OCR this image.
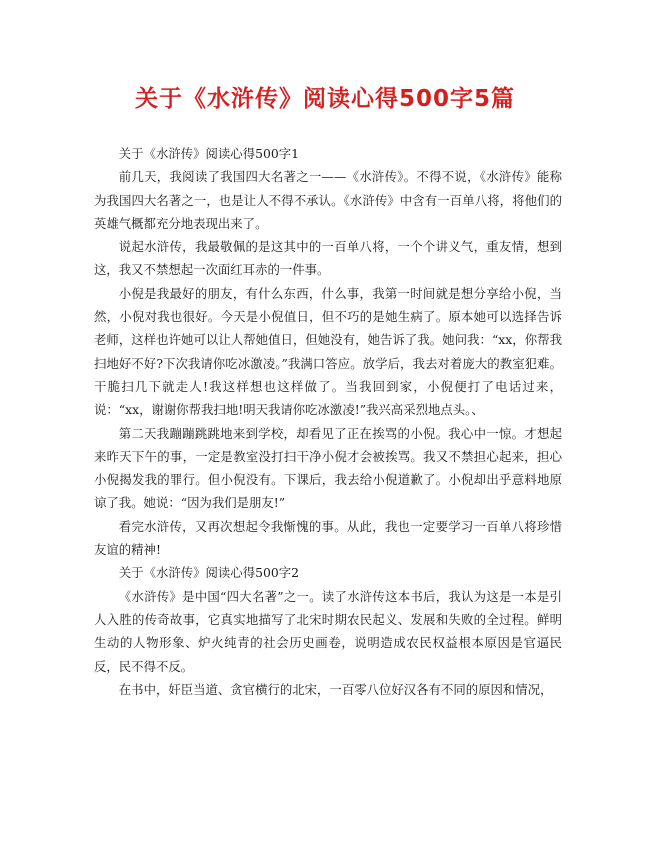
关于《水浒传》阅读心得500字5篇

关于《水浒传》阅读心得500字1

前几天，我阅读了我国四大名著之一——《水浒传》。不得不说，《水浒传》能称为我国四大名著之一，也是让人不得不承认。《水浒传》中含有一百单八将，将他们的英雄气概都充分地表现出来了。

说起水浒传，我最敬佩的是这其中的一百单八将，一个个讲义气，重友情，想到这，我又不禁想起一次面红耳赤的一件事。

小倪是我最好的朋友，有什么东西，什么事，我第一时间就是想分享给小倪，当然，小倪对我也很好。今天是小倪值日，但不巧的是她生病了。原本她可以选择告诉老师，这样也许她可以让人帮她值日，但她没有，她告诉了我。她问我：“xx，你帮我扫地好不好?下次我请你吃冰激凌。”我满口答应。放学后，我去对着庞大的教室犯难。干脆扫几下就走人!我这样想也这样做了。当我回到家，小倪便打了电话过来，说：“xx，谢谢你帮我扫地!明天我请你吃冰激凌!”我兴高采烈地点头。、

第二天我蹦蹦跳跳地来到学校，却看见了正在挨骂的小倪。我心中一惊。才想起来昨天下午的事，一定是教室没打扫干净小倪才会被挨骂。我又不禁担心起来，担心小倪揭发我的罪行。但小倪没有。下课后，我去给小倪道歉了。小倪却出乎意料地原谅了我。她说：“因为我们是朋友!”

看完水浒传，又再次想起令我惭愧的事。从此，我也一定要学习一百单八将珍惜友谊的精神!

关于《水浒传》阅读心得500字2

《水浒传》是中国“四大名著”之一。读了水浒传这本书后，我认为这是一本是引人入胜的传奇故事，它真实地描写了北宋时期农民起义、发展和失败的全过程。鲜明生动的人物形象、炉火纯青的社会历史画卷，说明造成农民权益根本原因是官逼民反，民不得不反。

在书中，奸臣当道、贪官横行的北宋，一百零八位好汉各有不同的原因和情况，
